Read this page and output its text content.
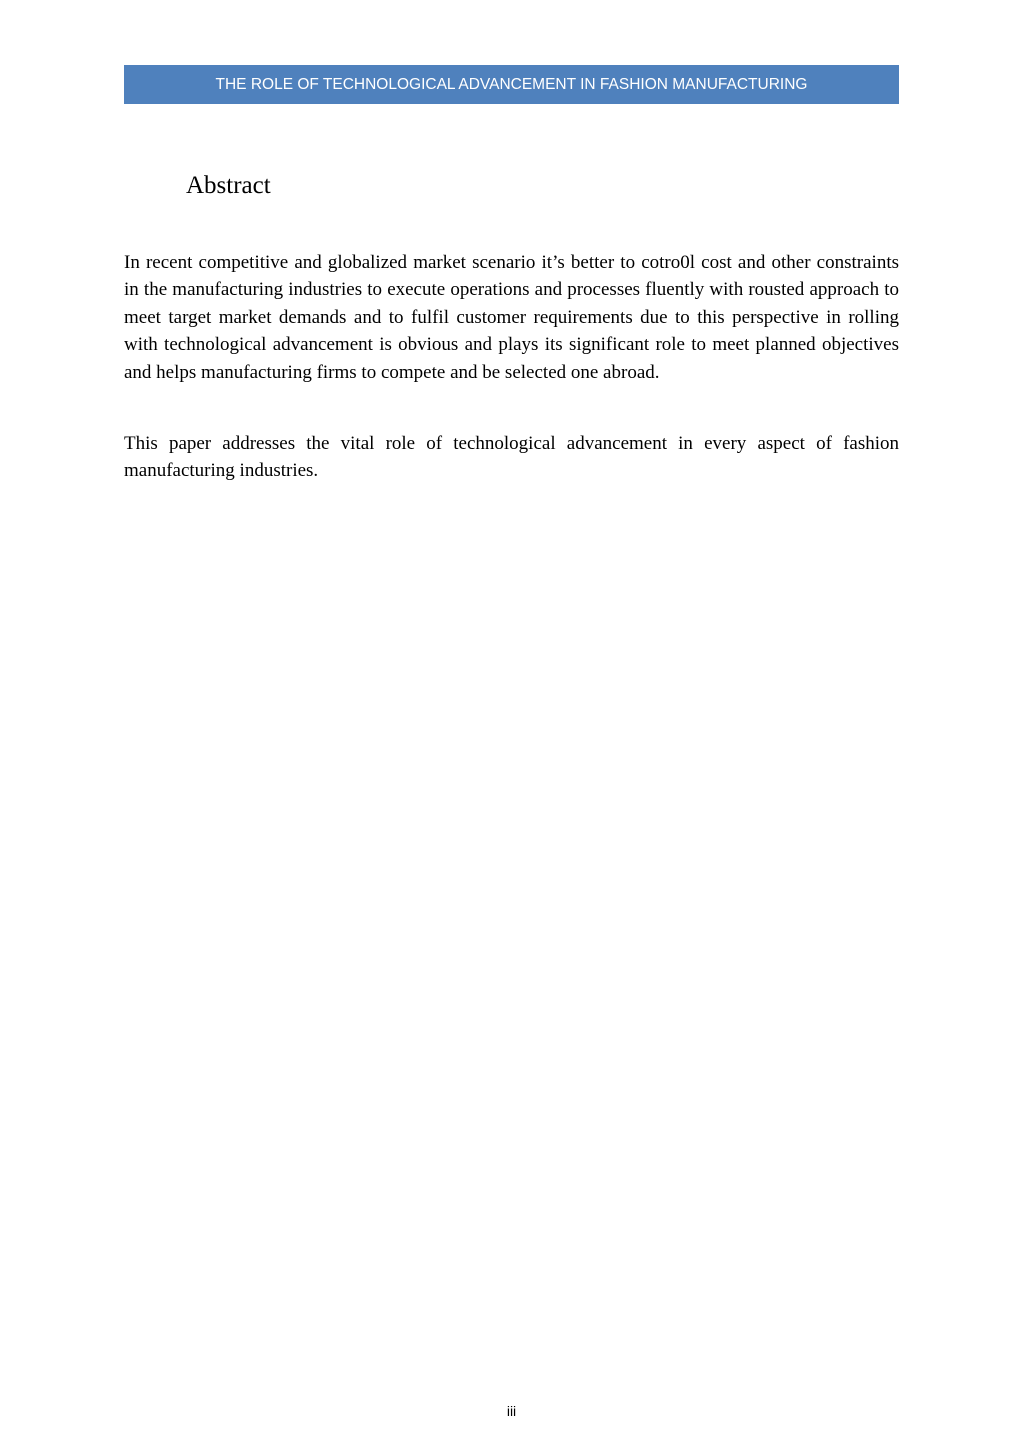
THE ROLE OF TECHNOLOGICAL ADVANCEMENT IN FASHION MANUFACTURING
Abstract

In recent competitive and globalized market scenario it’s better to cotro0l cost and other constraints in the manufacturing industries to execute operations and processes fluently with rousted approach to meet target market demands and to fulfil customer requirements due to this perspective in rolling with technological advancement is obvious and plays its significant role to meet planned objectives and helps manufacturing firms to compete and be selected one abroad.

This paper addresses the vital role of technological advancement in every aspect of fashion manufacturing industries.

iii
